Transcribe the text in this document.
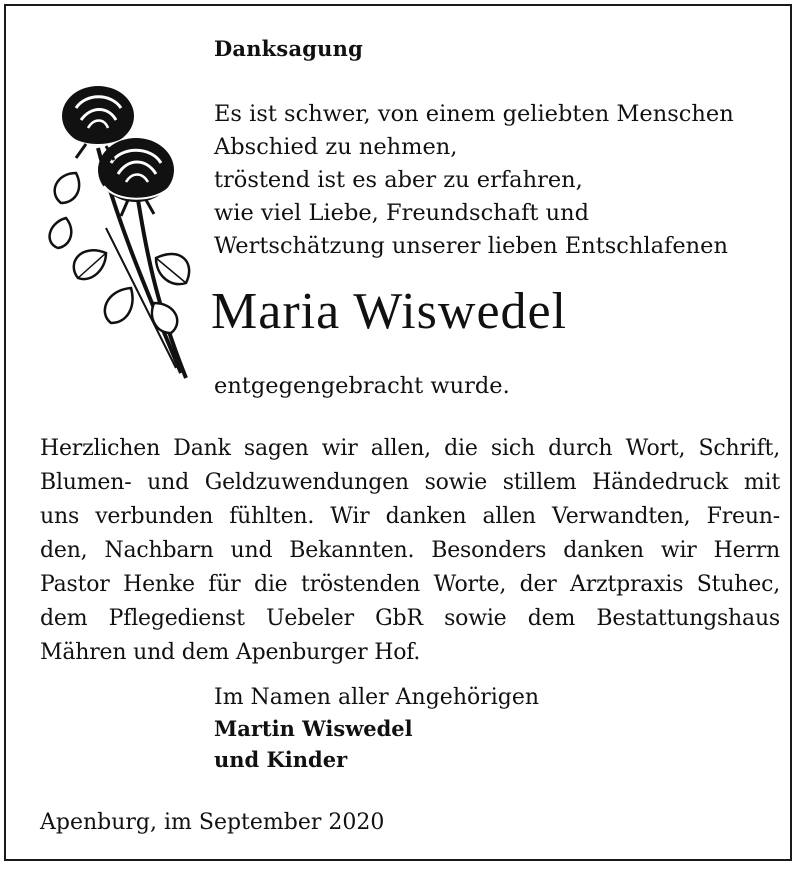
Danksagung
Es ist schwer, von einem geliebten Menschen
Abschied zu nehmen,
tröstend ist es aber zu erfahren,
wie viel Liebe, Freundschaft und
Wertschätzung unserer lieben Entschlafenen
Maria Wiswedel
entgegengebracht wurde.
Herzlichen Dank sagen wir allen, die sich durch Wort, Schrift,
Blumen- und Geldzuwendungen sowie stillem Händedruck mit
uns verbunden fühlten. Wir danken allen Verwandten, Freun-
den, Nachbarn und Bekannten. Besonders danken wir Herrn
Pastor Henke für die tröstenden Worte, der Arztpraxis Stuhec,
dem Pflegedienst Uebeler GbR sowie dem Bestattungshaus
Mähren und dem Apenburger Hof.
Im Namen aller Angehörigen
Martin Wiswedel
und Kinder
Apenburg, im September 2020
